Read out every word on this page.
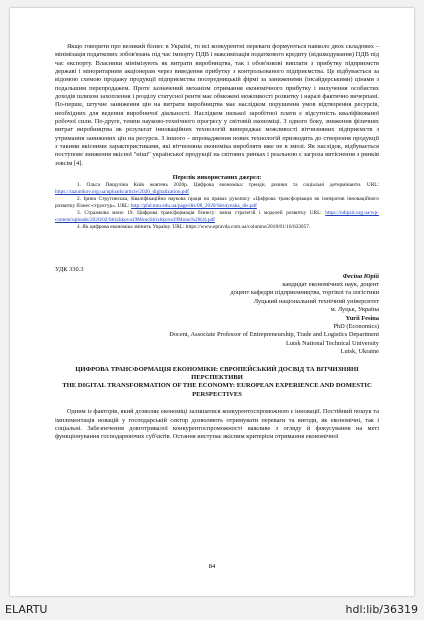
Якщо говорити про великий бізнес в Україні, то всі конкурентні переваги формуються навколо двох складових – мінімізація податкових зобов'язань під час імпорту ПДВ і максимізація податкового кредиту (відшкодування) ПДВ під час експорту. Власники мінімізують як витрати виробництва, так і обов'язкові виплати з прибутку підприємств державі і міноритарним акціонерам через виведення прибутку з контрольованого підприємства. Це відбувається за відомою схемою продажу продукції підприємства посередницькій фірмі за заниженими (інсайдерськими) цінами з подальшим перепродажем. Проте зазначений механізм отримання економічного прибутку і вилучення особистих доходів шляхом захоплення і розділу статусної ренти має обмежені можливості розвитку і наразі фактично вичерпані. По-перше, штучне заниження цін на витрати виробництва має наслідком порушення умов відтворення ресурсів, необхідних для ведення виробничої діяльності. Наслідком низької заробітної плати є відсутність кваліфікованої робочої сили. По-друге, темпи науково-технічного прогресу у світовій економіці. З одного боку, зниження фізичних витрат виробництва як результат інноваційних технологій випереджає можливості вітчизняних підприємств з утримання занижених цін на ресурси. З іншого – впровадження нових технологій призводить до створення продукції з такими якісними характеристиками, які вітчизняна економіка виробляти вже не в змозі. Як наслідок, відбувається поступове зниження якісної "ніші" української продукції на світових ринках і реальною є загроза витіснення з ринків зовсім [4].

Перелік використаних джерел:

1. Ольга Пищуліна Київ жовтень 2020р. Цифрова економіка: тренди, ризики та соціальні детермінанти. URL: https://razumkov.org.ua/uploads/article/2020_digitalization.pdf

2. Ірина Струтинська, Кваліфікаційна наукова праця на правах рукопису «Цифрова трансформація як імператив інноваційного розвитку бізнес-структур». URL: http://phd.tntu.edu.ua/page/dis/08_2020/Strutynska_dis.pdf

3. Стражкова моно 19. Цифрова трансформація бізнесу: зміна стратегій і моделей розвитку URL: https://ndipzir.org.ua/wp-content/uploads/2020/02/Strizhkova19MonoStrizhkova19Mono%20(4).pdf

4. Як цифрова економіка змінить Україну. URL: https://www.epravda.com.ua/columns/2018/01/16/633057.

УДК 330.3

Фесіна Юрій

кандидат економічних наук, доцент

доцент кафедри підприємництва, торгівлі та логістики

Луцький національний технічний університет

м. Луцьк, Україна

Yurii Fesina

PhD (Economics)

Docent, Associate Professor of Entrepreneurship, Trade and Logistics Department

Lutsk National Technical University

Lutsk, Ukraine

ЦИФРОВА ТРАНСФОРМАЦІЯ ЕКОНОМІКИ: ЄВРОПЕЙСЬКИЙ ДОСВІД ТА ВІТЧИЗНЯНІ ПЕРСПЕКТИВИ

THE DIGITAL TRANSFORMATION OF THE ECONOMY: EUROPEAN EXPERIENCE AND DOMESTIC PERSPECTIVES

Одним із факторів, який дозволяє економіці залишатися конкурентоспроможною є інновації. Постійний пошук та імплементація новацій у господарській сектор дозволяють отримувати переваги та вигоди, як економічні, так і соціальні. Забезпечення довготривалої конкурентоспроможності важливе з огляду й фокусування на меті функціонування господарюючих суб'єктів. Остання виступає якісним критерієм отримання економічної

84
ELARTU	hdl:lib/36319
